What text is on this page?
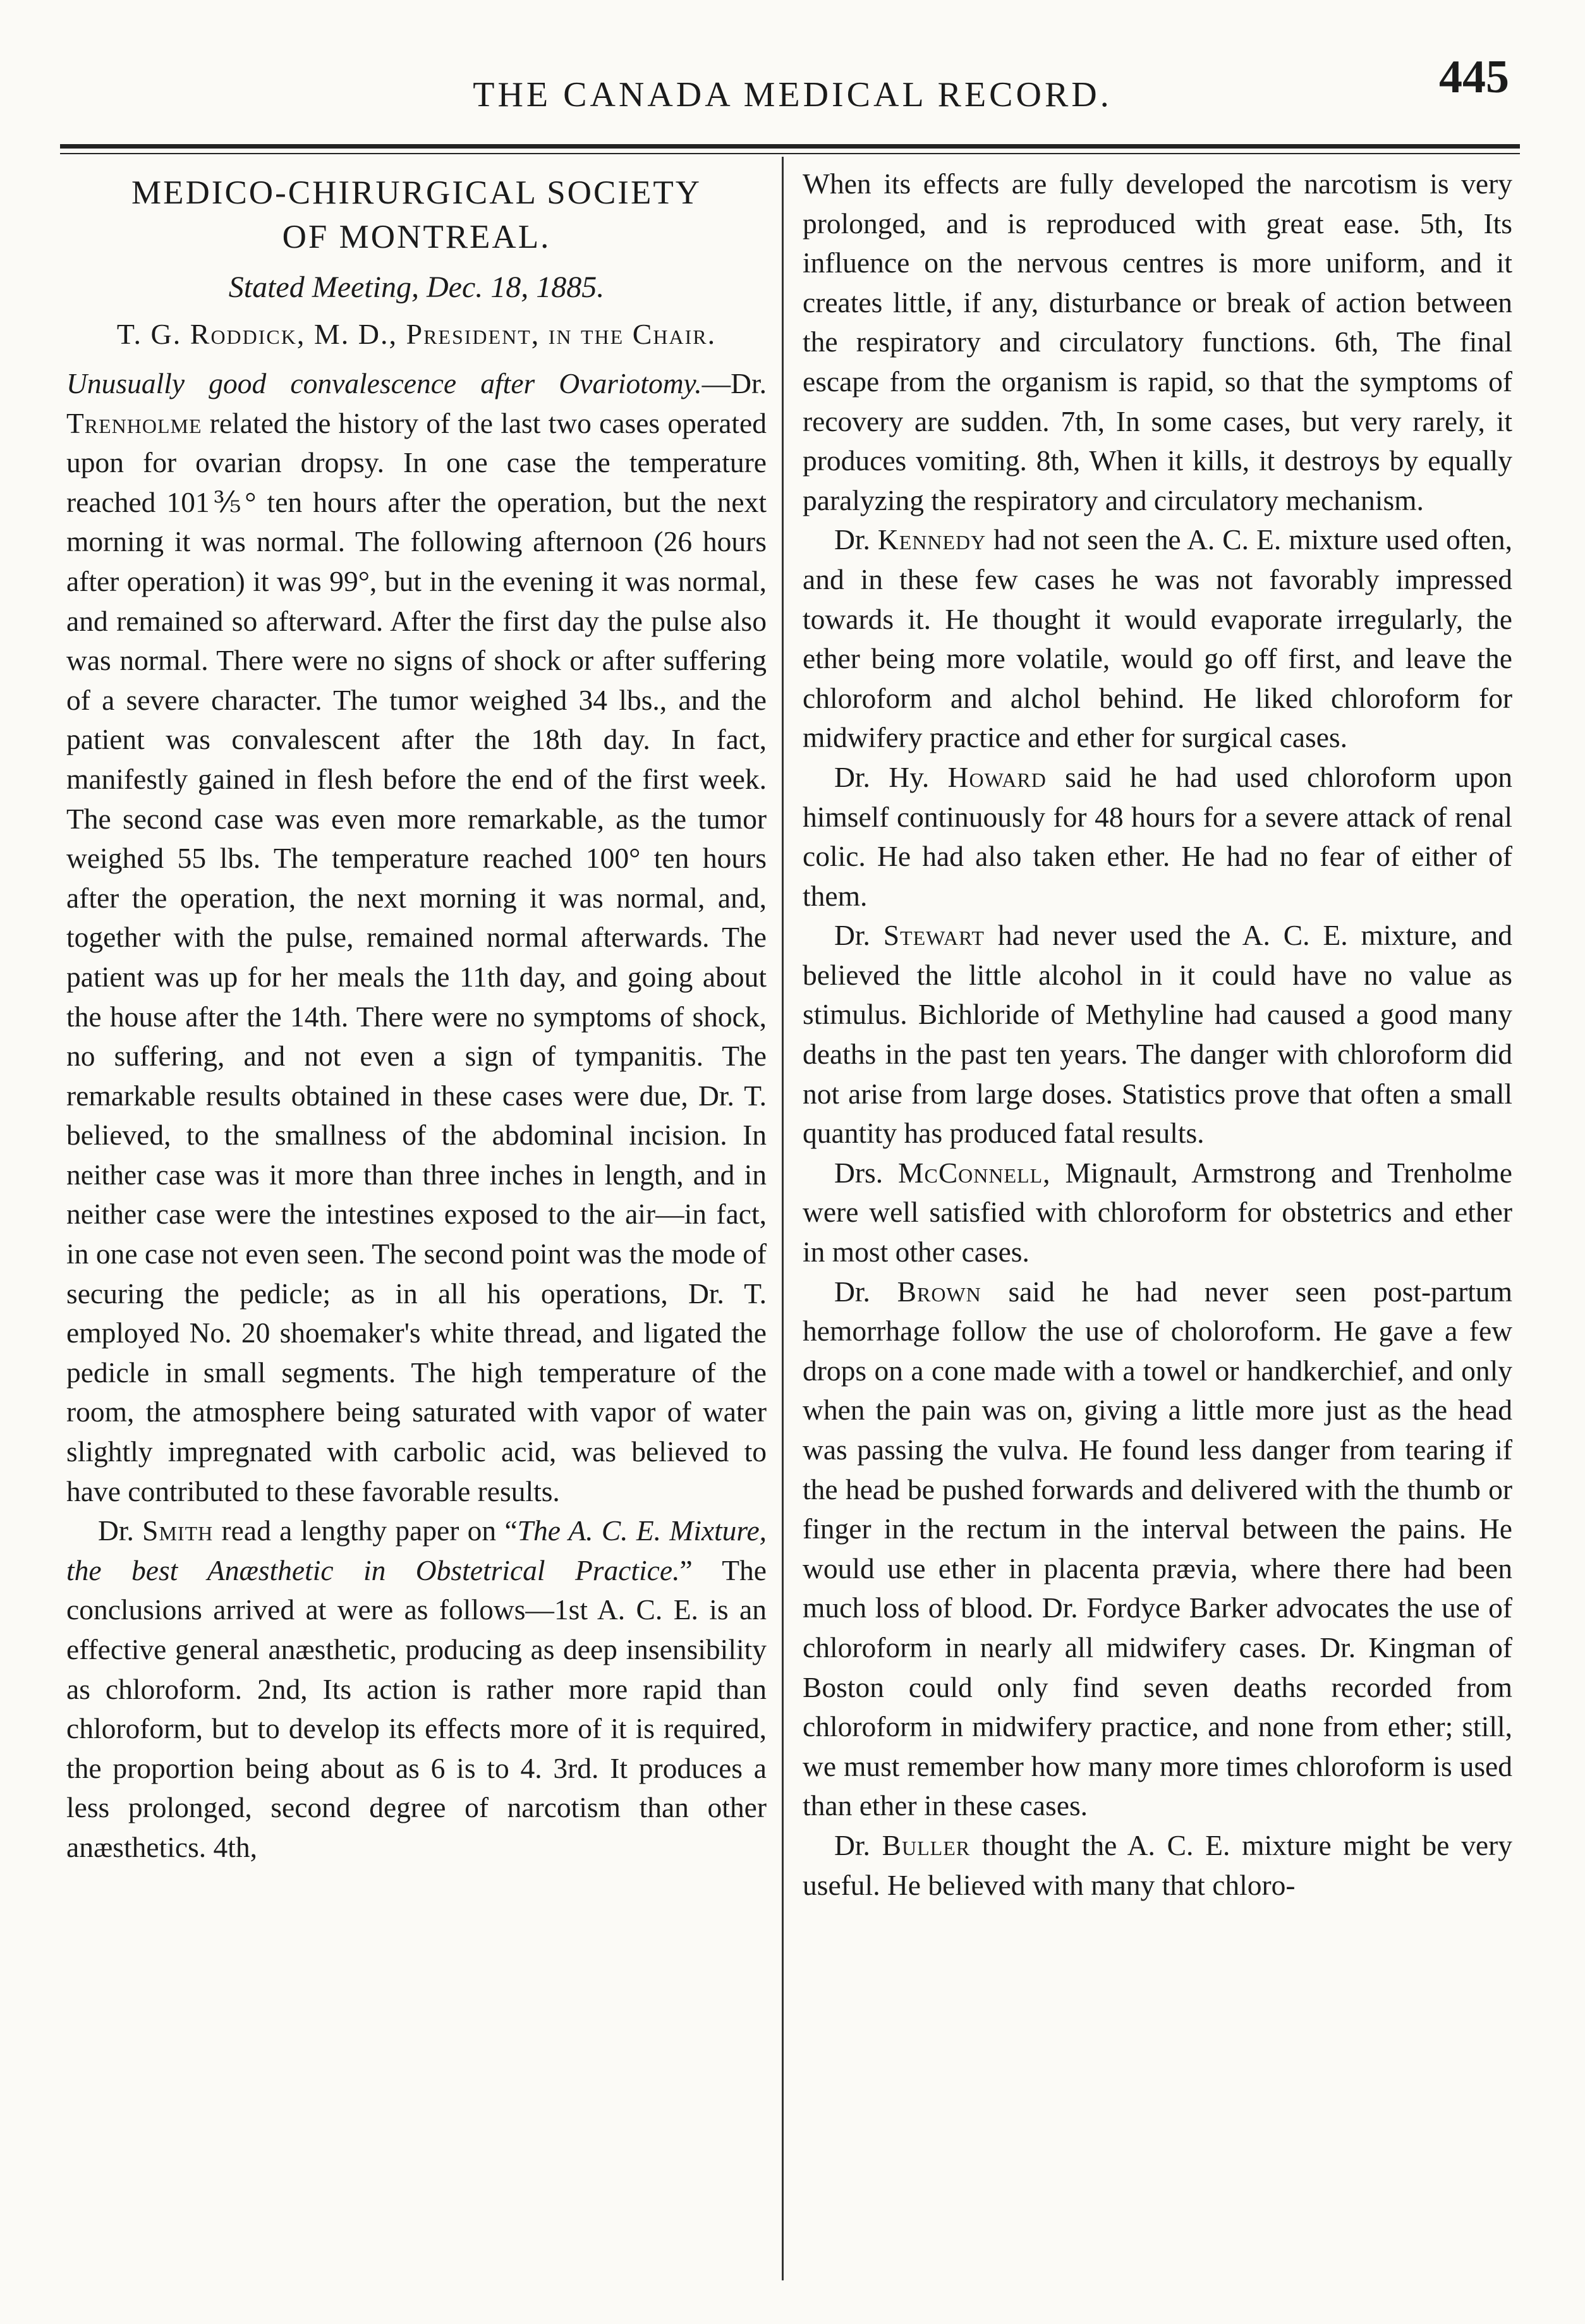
THE CANADA MEDICAL RECORD.	445
MEDICO-CHIRURGICAL SOCIETY
OF MONTREAL.
Stated Meeting, Dec. 18, 1885.
T. G. Roddick, M. D., President, in the Chair.

Unusually good convalescence after Ovariotomy.—Dr. Trenholme related the history of the last two cases operated upon for ovarian dropsy. In one case the temperature reached 101⅗° ten hours after the operation, but the next morning it was normal. The following afternoon (26 hours after operation) it was 99°, but in the evening it was normal, and remained so afterward. After the first day the pulse also was normal. There were no signs of shock or after suffering of a severe character. The tumor weighed 34 lbs., and the patient was convalescent after the 18th day. In fact, manifestly gained in flesh before the end of the first week. The second case was even more remarkable, as the tumor weighed 55 lbs. The temperature reached 100° ten hours after the operation, the next morning it was normal, and, together with the pulse, remained normal afterwards. The patient was up for her meals the 11th day, and going about the house after the 14th. There were no symptoms of shock, no suffering, and not even a sign of tympanitis. The remarkable results obtained in these cases were due, Dr. T. believed, to the smallness of the abdominal incision. In neither case was it more than three inches in length, and in neither case were the intestines exposed to the air—in fact, in one case not even seen. The second point was the mode of securing the pedicle; as in all his operations, Dr. T. employed No. 20 shoemaker's white thread, and ligated the pedicle in small segments. The high temperature of the room, the atmosphere being saturated with vapor of water slightly impregnated with carbolic acid, was believed to have contributed to these favorable results.

Dr. Smith read a lengthy paper on “The A. C. E. Mixture, the best Anæsthetic in Obstetrical Practice.” The conclusions arrived at were as follows—1st A. C. E. is an effective general anæsthetic, producing as deep insensibility as chloroform. 2nd, Its action is rather more rapid than chloroform, but to develop its effects more of it is required, the proportion being about as 6 is to 4. 3rd. It produces a less prolonged, second degree of narcotism than other anæsthetics. 4th,

When its effects are fully developed the narcotism is very prolonged, and is reproduced with great ease. 5th, Its influence on the nervous centres is more uniform, and it creates little, if any, disturbance or break of action between the respiratory and circulatory functions. 6th, The final escape from the organism is rapid, so that the symptoms of recovery are sudden. 7th, In some cases, but very rarely, it produces vomiting. 8th, When it kills, it destroys by equally paralyzing the respiratory and circulatory mechanism.

Dr. Kennedy had not seen the A. C. E. mixture used often, and in these few cases he was not favorably impressed towards it. He thought it would evaporate irregularly, the ether being more volatile, would go off first, and leave the chloroform and alchol behind. He liked chloroform for midwifery practice and ether for surgical cases.

Dr. Hy. Howard said he had used chloroform upon himself continuously for 48 hours for a severe attack of renal colic. He had also taken ether. He had no fear of either of them.

Dr. Stewart had never used the A. C. E. mixture, and believed the little alcohol in it could have no value as stimulus. Bichloride of Methyline had caused a good many deaths in the past ten years. The danger with chloroform did not arise from large doses. Statistics prove that often a small quantity has produced fatal results.

Drs. McConnell, Mignault, Armstrong and Trenholme were well satisfied with chloroform for obstetrics and ether in most other cases.

Dr. Brown said he had never seen post-partum hemorrhage follow the use of choloroform. He gave a few drops on a cone made with a towel or handkerchief, and only when the pain was on, giving a little more just as the head was passing the vulva. He found less danger from tearing if the head be pushed forwards and delivered with the thumb or finger in the rectum in the interval between the pains. He would use ether in placenta prævia, where there had been much loss of blood. Dr. Fordyce Barker advocates the use of chloroform in nearly all midwifery cases. Dr. Kingman of Boston could only find seven deaths recorded from chloroform in midwifery practice, and none from ether; still, we must remember how many more times chloroform is used than ether in these cases.

Dr. Buller thought the A. C. E. mixture might be very useful. He believed with many that chloro-
